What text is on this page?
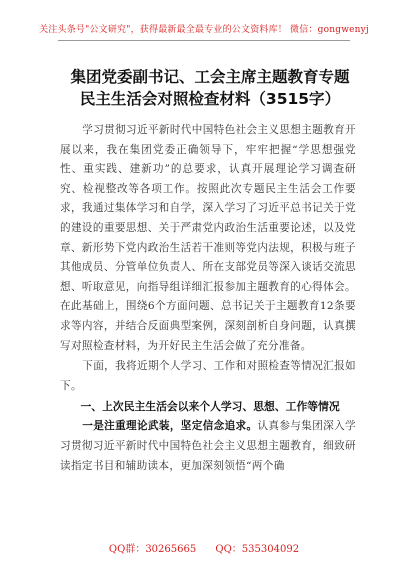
关注头条号"公文研究"，获得最新最全最专业的公文资料库！ 微信：gongwenyj
集团党委副书记、工会主席主题教育专题
民主生活会对照检查材料（3515字）

学习贯彻习近平新时代中国特色社会主义思想主题教育开展以来，我在集团党委正确领导下，牢牢把握“学思想强党性、重实践、建新功”的总要求，认真开展理论学习调查研究、检视整改等各项工作。按照此次专题民主生活会工作要求，我通过集体学习和自学，深入学习了习近平总书记关于党的建设的重要思想、关于严肃党内政治生活重要论述，以及党章、新形势下党内政治生活若干准则等党内法规，积极与班子其他成员、分管单位负责人、所在支部党员等深入谈话交流思想、听取意见，向指导组详细汇报参加主题教育的心得体会。在此基础上，围绕6个方面问题、总书记关于主题教育12条要求等内容，并结合反面典型案例，深刻剖析自身问题，认真撰写对照检查材料，为开好民主生活会做了充分准备。

下面，我将近期个人学习、工作和对照检查等情况汇报如下。

一、上次民主生活会以来个人学习、思想、工作等情况

一是注重理论武装，坚定信念追求。认真参与集团深入学习贯彻习近平新时代中国特色社会主义思想主题教育，细致研读指定书目和辅助读本，更加深刻领悟“两个确

QQ群：30265665 QQ：535304092
